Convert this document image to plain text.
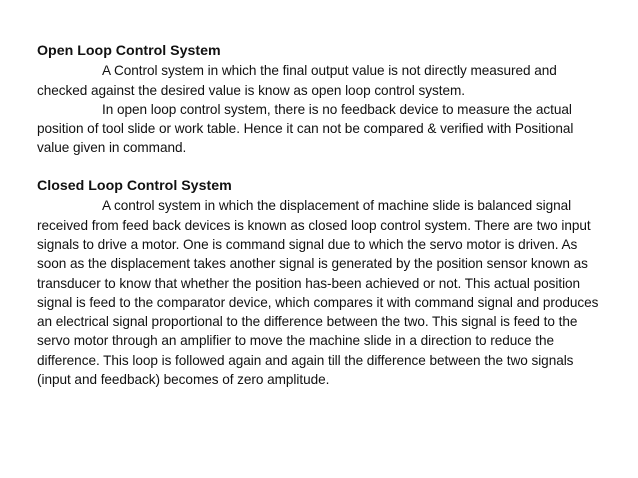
Open Loop Control System

A Control system in which the final output value is not directly measured and checked against the desired value is know as open loop control system.

In open loop control system, there is no feedback device to measure the actual position of tool slide or work table. Hence it can not be compared & verified with Positional value given in command.

Closed Loop Control System

A control system in which the displacement of machine slide is balanced signal received from feed back devices is known as closed loop control system. There are two input signals to drive a motor. One is command signal due to which the servo motor is driven. As soon as the displacement takes another signal is generated by the position sensor known as transducer to know that whether the position has-been achieved or not. This actual position signal is feed to the comparator device, which compares it with command signal and produces an electrical signal proportional to the difference between the two. This signal is feed to the servo motor through an amplifier to move the machine slide in a direction to reduce the difference. This loop is followed again and again till the difference between the two signals (input and feedback) becomes of zero amplitude.
